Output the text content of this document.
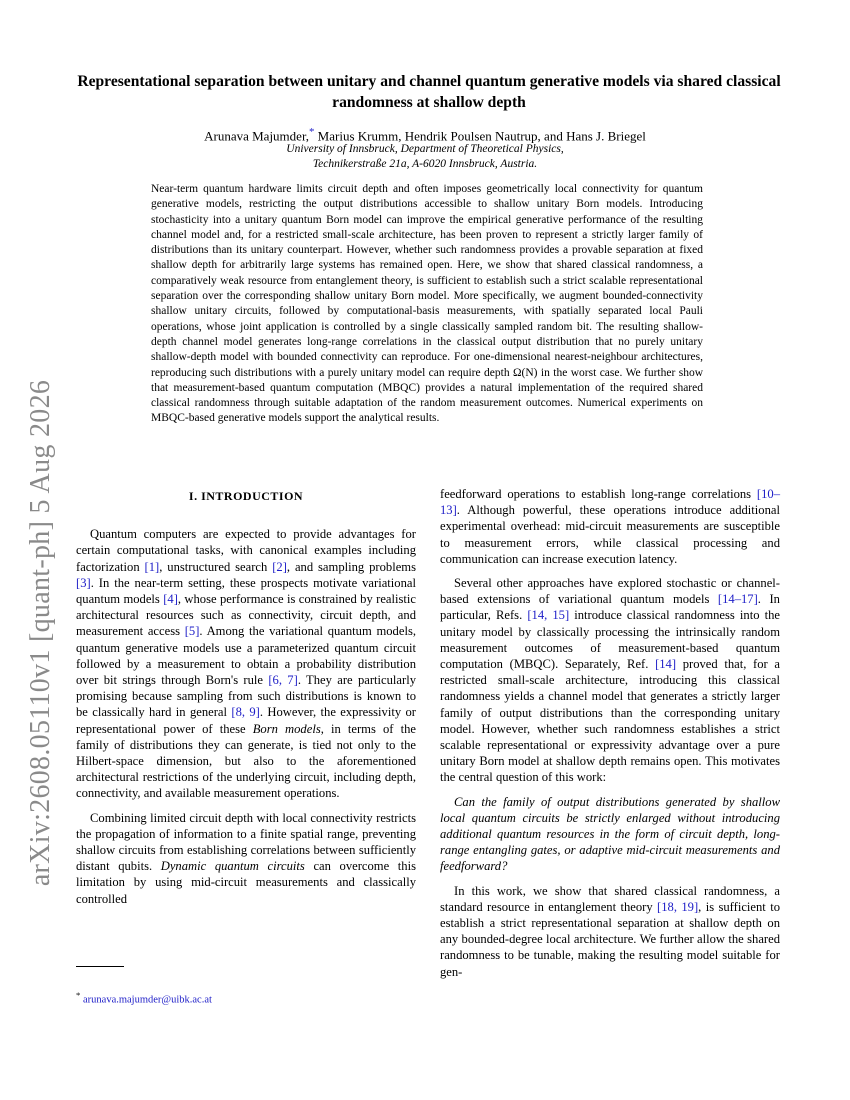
arXiv:2608.05110v1 [quant-ph] 5 Aug 2026
Representational separation between unitary and channel quantum generative models via shared classical randomness at shallow depth
Arunava Majumder,* Marius Krumm, Hendrik Poulsen Nautrup, and Hans J. Briegel
University of Innsbruck, Department of Theoretical Physics,
Technikerstraße 21a, A-6020 Innsbruck, Austria.
Near-term quantum hardware limits circuit depth and often imposes geometrically local connectivity for quantum generative models, restricting the output distributions accessible to shallow unitary Born models. Introducing stochasticity into a unitary quantum Born model can improve the empirical generative performance of the resulting channel model and, for a restricted small-scale architecture, has been proven to represent a strictly larger family of distributions than its unitary counterpart. However, whether such randomness provides a provable separation at fixed shallow depth for arbitrarily large systems has remained open. Here, we show that shared classical randomness, a comparatively weak resource from entanglement theory, is sufficient to establish such a strict scalable representational separation over the corresponding shallow unitary Born model. More specifically, we augment bounded-connectivity shallow unitary circuits, followed by computational-basis measurements, with spatially separated local Pauli operations, whose joint application is controlled by a single classically sampled random bit. The resulting shallow-depth channel model generates long-range correlations in the classical output distribution that no purely unitary shallow-depth model with bounded connectivity can reproduce. For one-dimensional nearest-neighbour architectures, reproducing such distributions with a purely unitary model can require depth Ω(N) in the worst case. We further show that measurement-based quantum computation (MBQC) provides a natural implementation of the required shared classical randomness through suitable adaptation of the random measurement outcomes. Numerical experiments on MBQC-based generative models support the analytical results.
I. INTRODUCTION

Quantum computers are expected to provide advantages for certain computational tasks, with canonical examples including factorization [1], unstructured search [2], and sampling problems [3]. In the near-term setting, these prospects motivate variational quantum models [4], whose performance is constrained by realistic architectural resources such as connectivity, circuit depth, and measurement access [5]. Among the variational quantum models, quantum generative models use a parameterized quantum circuit followed by a measurement to obtain a probability distribution over bit strings through Born's rule [6, 7]. They are particularly promising because sampling from such distributions is known to be classically hard in general [8, 9]. However, the expressivity or representational power of these Born models, in terms of the family of distributions they can generate, is tied not only to the Hilbert-space dimension, but also to the aforementioned architectural restrictions of the underlying circuit, including depth, connectivity, and available measurement operations.

Combining limited circuit depth with local connectivity restricts the propagation of information to a finite spatial range, preventing shallow circuits from establishing correlations between sufficiently distant qubits. Dynamic quantum circuits can overcome this limitation by using mid-circuit measurements and classically controlled

feedforward operations to establish long-range correlations [10–13]. Although powerful, these operations introduce additional experimental overhead: mid-circuit measurements are susceptible to measurement errors, while classical processing and communication can increase execution latency.

Several other approaches have explored stochastic or channel-based extensions of variational quantum models [14–17]. In particular, Refs. [14, 15] introduce classical randomness into the unitary model by classically processing the intrinsically random measurement outcomes of measurement-based quantum computation (MBQC). Separately, Ref. [14] proved that, for a restricted small-scale architecture, introducing this classical randomness yields a channel model that generates a strictly larger family of output distributions than the corresponding unitary model. However, whether such randomness establishes a strict scalable representational or expressivity advantage over a pure unitary Born model at shallow depth remains open. This motivates the central question of this work:

Can the family of output distributions generated by shallow local quantum circuits be strictly enlarged without introducing additional quantum resources in the form of circuit depth, long-range entangling gates, or adaptive mid-circuit measurements and feedforward?

In this work, we show that shared classical randomness, a standard resource in entanglement theory [18, 19], is sufficient to establish a strict representational separation at shallow depth on any bounded-degree local architecture. We further allow the shared randomness to be tunable, making the resulting model suitable for gen-

* arunava.majumder@uibk.ac.at
